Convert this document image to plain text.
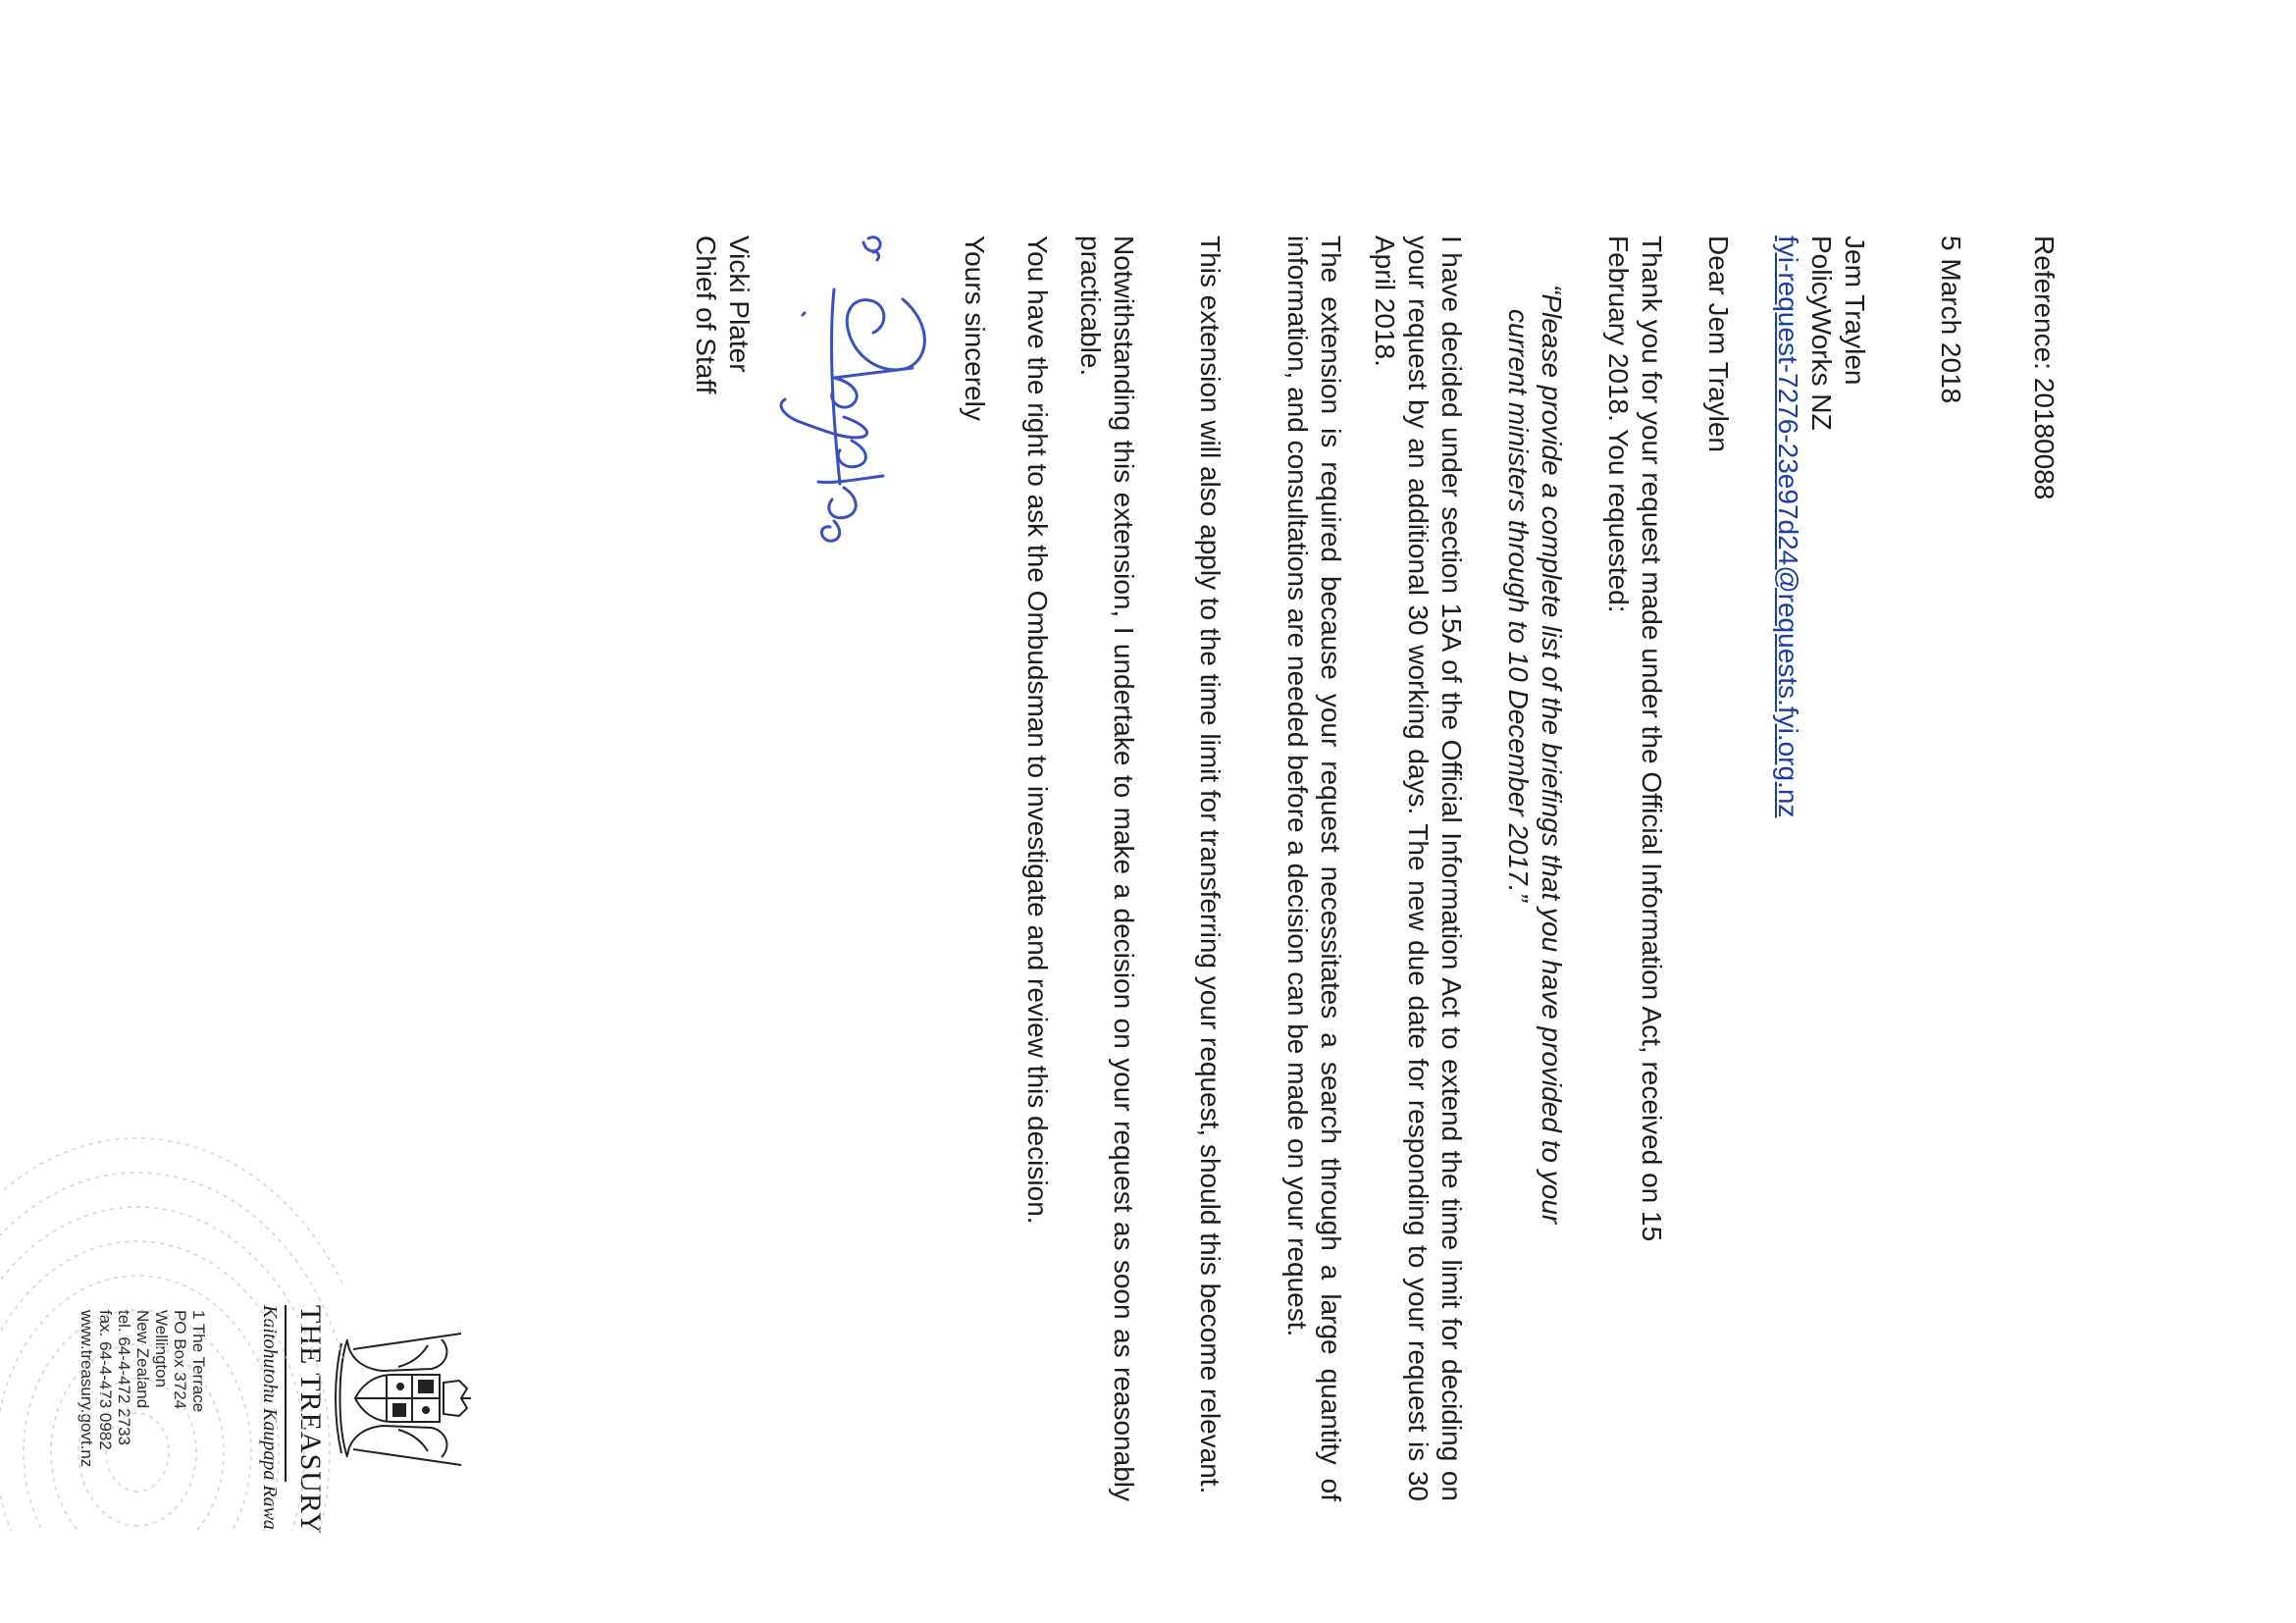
Reference: 20180088
5 March 2018
Jem Traylen
PolicyWorks NZ
fyi-request-7276-23e97d24@requests.fyi.org.nz
Dear Jem Traylen
Thank you for your request made under the Official Information Act, received on 15
February 2018. You requested:
“Please provide a complete list of the briefings that you have provided to your
current ministers through to 10 December 2017.”
I have decided under section 15A of the Official Information Act to extend the time limit for deciding on your request by an additional 30 working days. The new due date for responding to your request is 30 April 2018.
The extension is required because your request necessitates a search through a large quantity of information, and consultations are needed before a decision can be made on your request.
This extension will also apply to the time limit for transferring your request, should this become relevant.
Notwithstanding this extension, I undertake to make a decision on your request as soon as reasonably practicable.
You have the right to ask the Ombudsman to investigate and review this decision.
Yours sincerely
Vicki Plater
Chief of Staff
THE TREASURY
Kaitohutohu Kaupapa Rawa
1 The Terrace
PO Box 3724
Wellington
New Zealand
tel. 64-4-472 2733
fax. 64-4-473 0982
www.treasury.govt.nz
